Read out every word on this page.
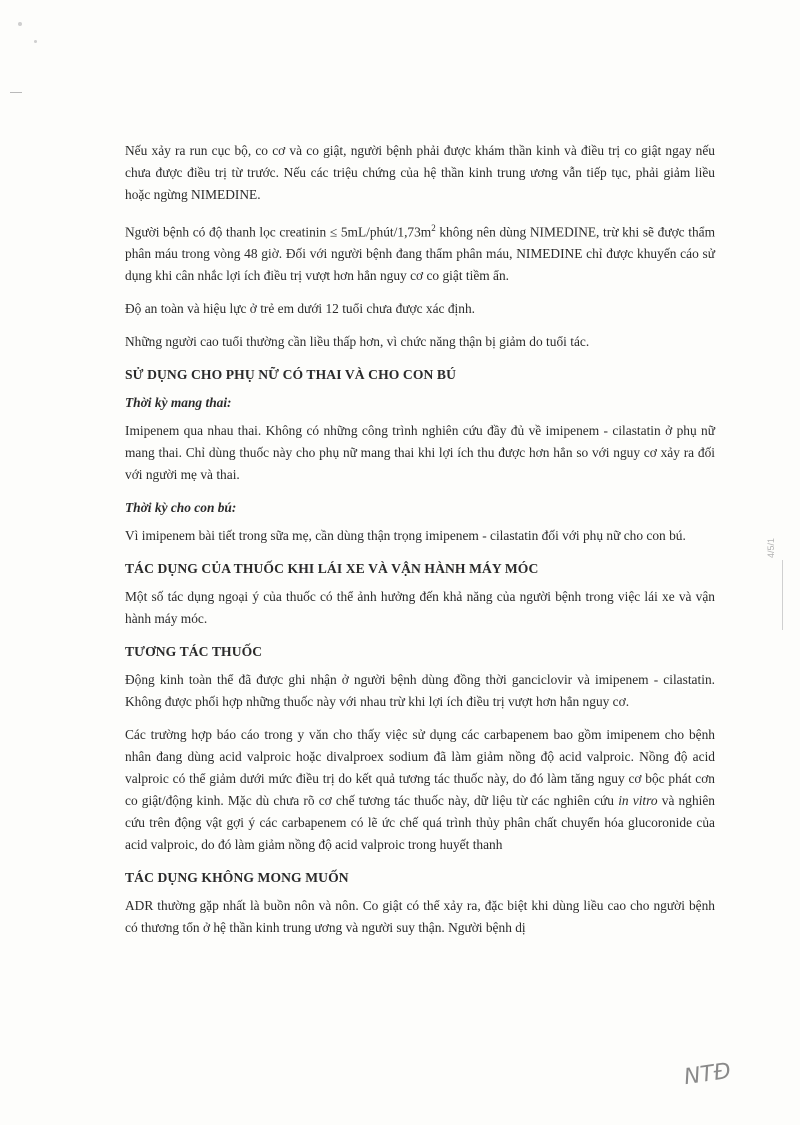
4/5/1

Nếu xảy ra run cục bộ, co cơ và co giật, người bệnh phải được khám thần kinh và điều trị co giật ngay nếu chưa được điều trị từ trước. Nếu các triệu chứng của hệ thần kinh trung ương vẫn tiếp tục, phải giảm liều hoặc ngừng NIMEDINE.

Người bệnh có độ thanh lọc creatinin ≤ $5mL/phút/1,73m^2$ không nên dùng NIMEDINE, trừ khi sẽ được thẩm phân máu trong vòng 48 giờ. Đối với người bệnh đang thẩm phân máu, NIMEDINE chỉ được khuyến cáo sử dụng khi cân nhắc lợi ích điều trị vượt hơn hẳn nguy cơ co giật tiềm ẩn.

Độ an toàn và hiệu lực ở trẻ em dưới 12 tuổi chưa được xác định.

Những người cao tuổi thường cần liều thấp hơn, vì chức năng thận bị giảm do tuổi tác.

SỬ DỤNG CHO PHỤ NỮ CÓ THAI VÀ CHO CON BÚ
Thời kỳ mang thai:

Imipenem qua nhau thai. Không có những công trình nghiên cứu đầy đủ về imipenem - cilastatin ở phụ nữ mang thai. Chỉ dùng thuốc này cho phụ nữ mang thai khi lợi ích thu được hơn hẳn so với nguy cơ xảy ra đối với người mẹ và thai.

Thời kỳ cho con bú:

Vì imipenem bài tiết trong sữa mẹ, cần dùng thận trọng imipenem - cilastatin đối với phụ nữ cho con bú.

TÁC DỤNG CỦA THUỐC KHI LÁI XE VÀ VẬN HÀNH MÁY MÓC

Một số tác dụng ngoại ý của thuốc có thể ảnh hưởng đến khả năng của người bệnh trong việc lái xe và vận hành máy móc.

TƯƠNG TÁC THUỐC

Động kinh toàn thể đã được ghi nhận ở người bệnh dùng đồng thời ganciclovir và imipenem - cilastatin. Không được phối hợp những thuốc này với nhau trừ khi lợi ích điều trị vượt hơn hẳn nguy cơ.

Các trường hợp báo cáo trong y văn cho thấy việc sử dụng các carbapenem bao gồm imipenem cho bệnh nhân đang dùng acid valproic hoặc divalproex sodium đã làm giảm nồng độ acid valproic. Nồng độ acid valproic có thể giảm dưới mức điều trị do kết quả tương tác thuốc này, do đó làm tăng nguy cơ bộc phát cơn co giật/động kinh. Mặc dù chưa rõ cơ chế tương tác thuốc này, dữ liệu từ các nghiên cứu in vitro và nghiên cứu trên động vật gợi ý các carbapenem có lẽ ức chế quá trình thủy phân chất chuyển hóa glucoronide của acid valproic, do đó làm giảm nồng độ acid valproic trong huyết thanh

TÁC DỤNG KHÔNG MONG MUỐN

ADR thường gặp nhất là buồn nôn và nôn. Co giật có thể xảy ra, đặc biệt khi dùng liều cao cho người bệnh có thương tổn ở hệ thần kinh trung ương và người suy thận. Người bệnh dị

NTĐ
